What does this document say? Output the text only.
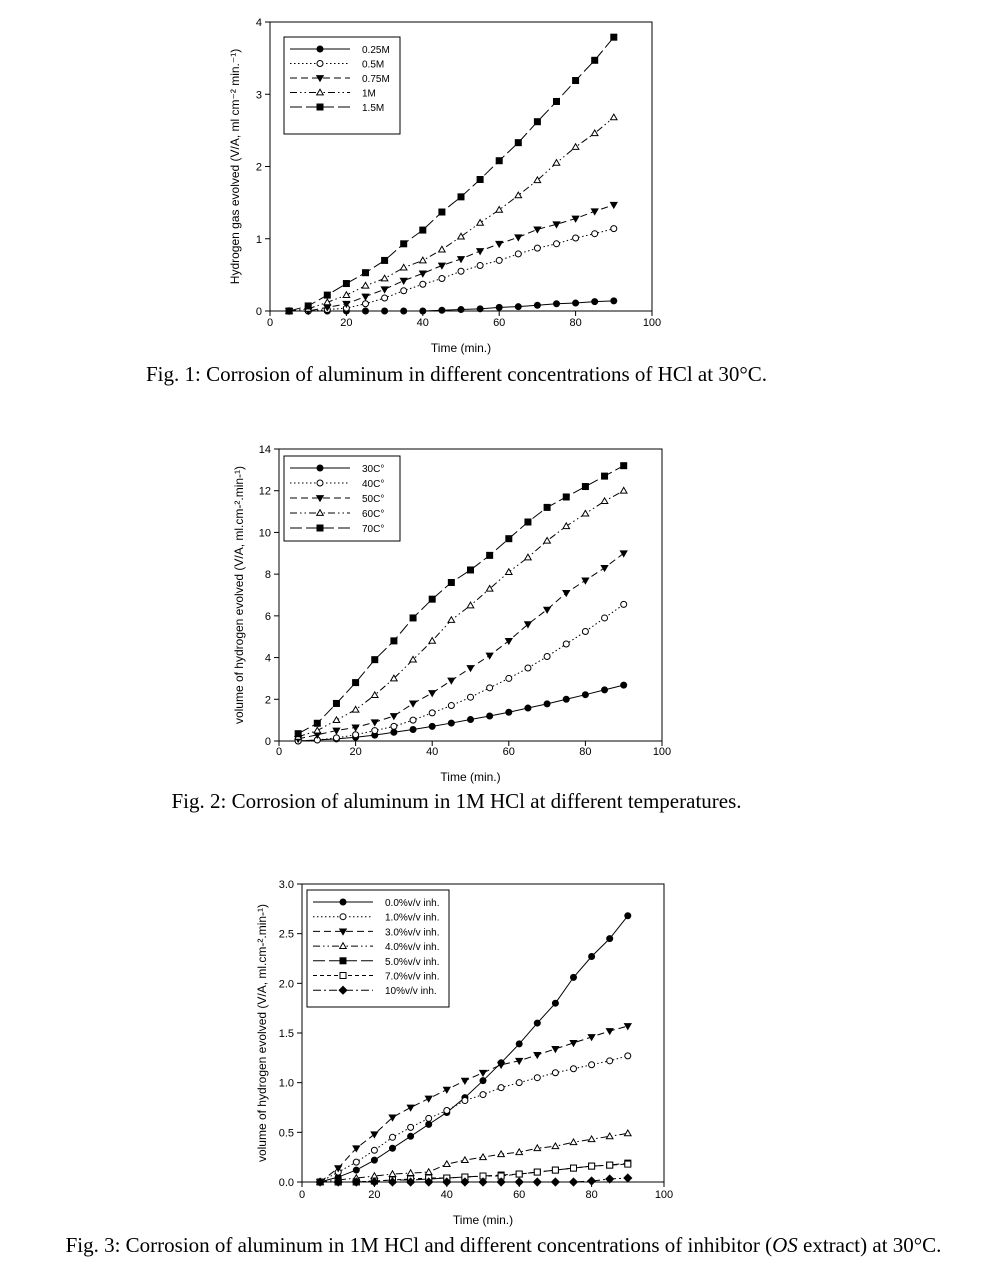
0	20	40	60	80	100
0
1
2
3
4
Time (min.)
Hydrogen gas evolved (V/A, ml cm⁻² min.⁻¹)	0.25M
0.5M
0.75M
1M
1.5M
Fig. 1: Corrosion of aluminum in different concentrations of HCl at 30°C.
0	20	40	60	80	100
0
2
4
6
8
10
12
14
Time (min.)
volume of hydrogen evolved (V/A, ml.cm-².min-¹)	30C°
40C°
50C°
60C°
70C°
Fig. 2: Corrosion of aluminum in 1M HCl at different temperatures.
0	20	40	60	80	100
0.0
0.5
1.0
1.5
2.0
2.5
3.0
Time (min.)
volume of hydrogen evolved (V/A, ml.cm-².min-¹)
0.0%v/v inh.
1.0%v/v inh.
3.0%v/v inh.
4.0%v/v inh.
5.0%v/v inh.
7.0%v/v inh.
10%v/v inh.
Fig. 3: Corrosion of aluminum in 1M HCl and different concentrations of inhibitor (OS extract) at 30°C.
